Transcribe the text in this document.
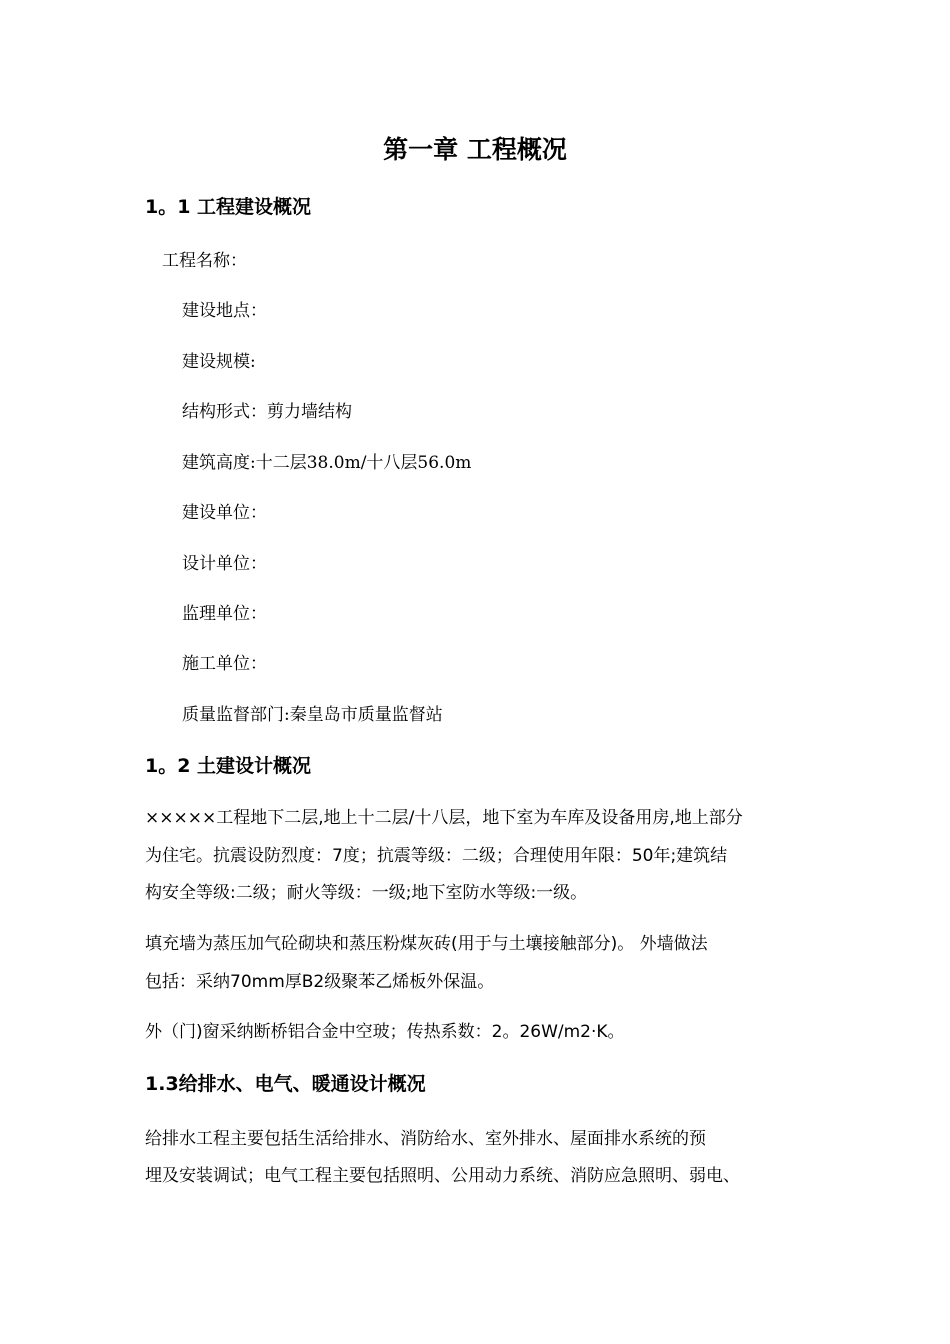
第一章 工程概况
1。1 工程建设概况
工程名称：
建设地点：
建设规模:
结构形式：剪力墙结构
建筑高度:十二层38.0m/十八层56.0m
建设单位：
设计单位：
监理单位：
施工单位：
质量监督部门:秦皇岛市质量监督站
1。2 土建设计概况
×××××工程地下二层,地上十二层/十八层，地下室为车库及设备用房,地上部分
为住宅。抗震设防烈度：7度；抗震等级：二级；合理使用年限：50年;建筑结
构安全等级:二级；耐火等级：一级;地下室防水等级:一级。
填充墙为蒸压加气砼砌块和蒸压粉煤灰砖(用于与土壤接触部分)。 外墙做法
包括：采纳70mm厚B2级聚苯乙烯板外保温。
外（门)窗采纳断桥铝合金中空玻；传热系数：2。26W/m2·K。
1.3给排水、电气、暖通设计概况
给排水工程主要包括生活给排水、消防给水、室外排水、屋面排水系统的预
埋及安装调试；电气工程主要包括照明、公用动力系统、消防应急照明、弱电、
